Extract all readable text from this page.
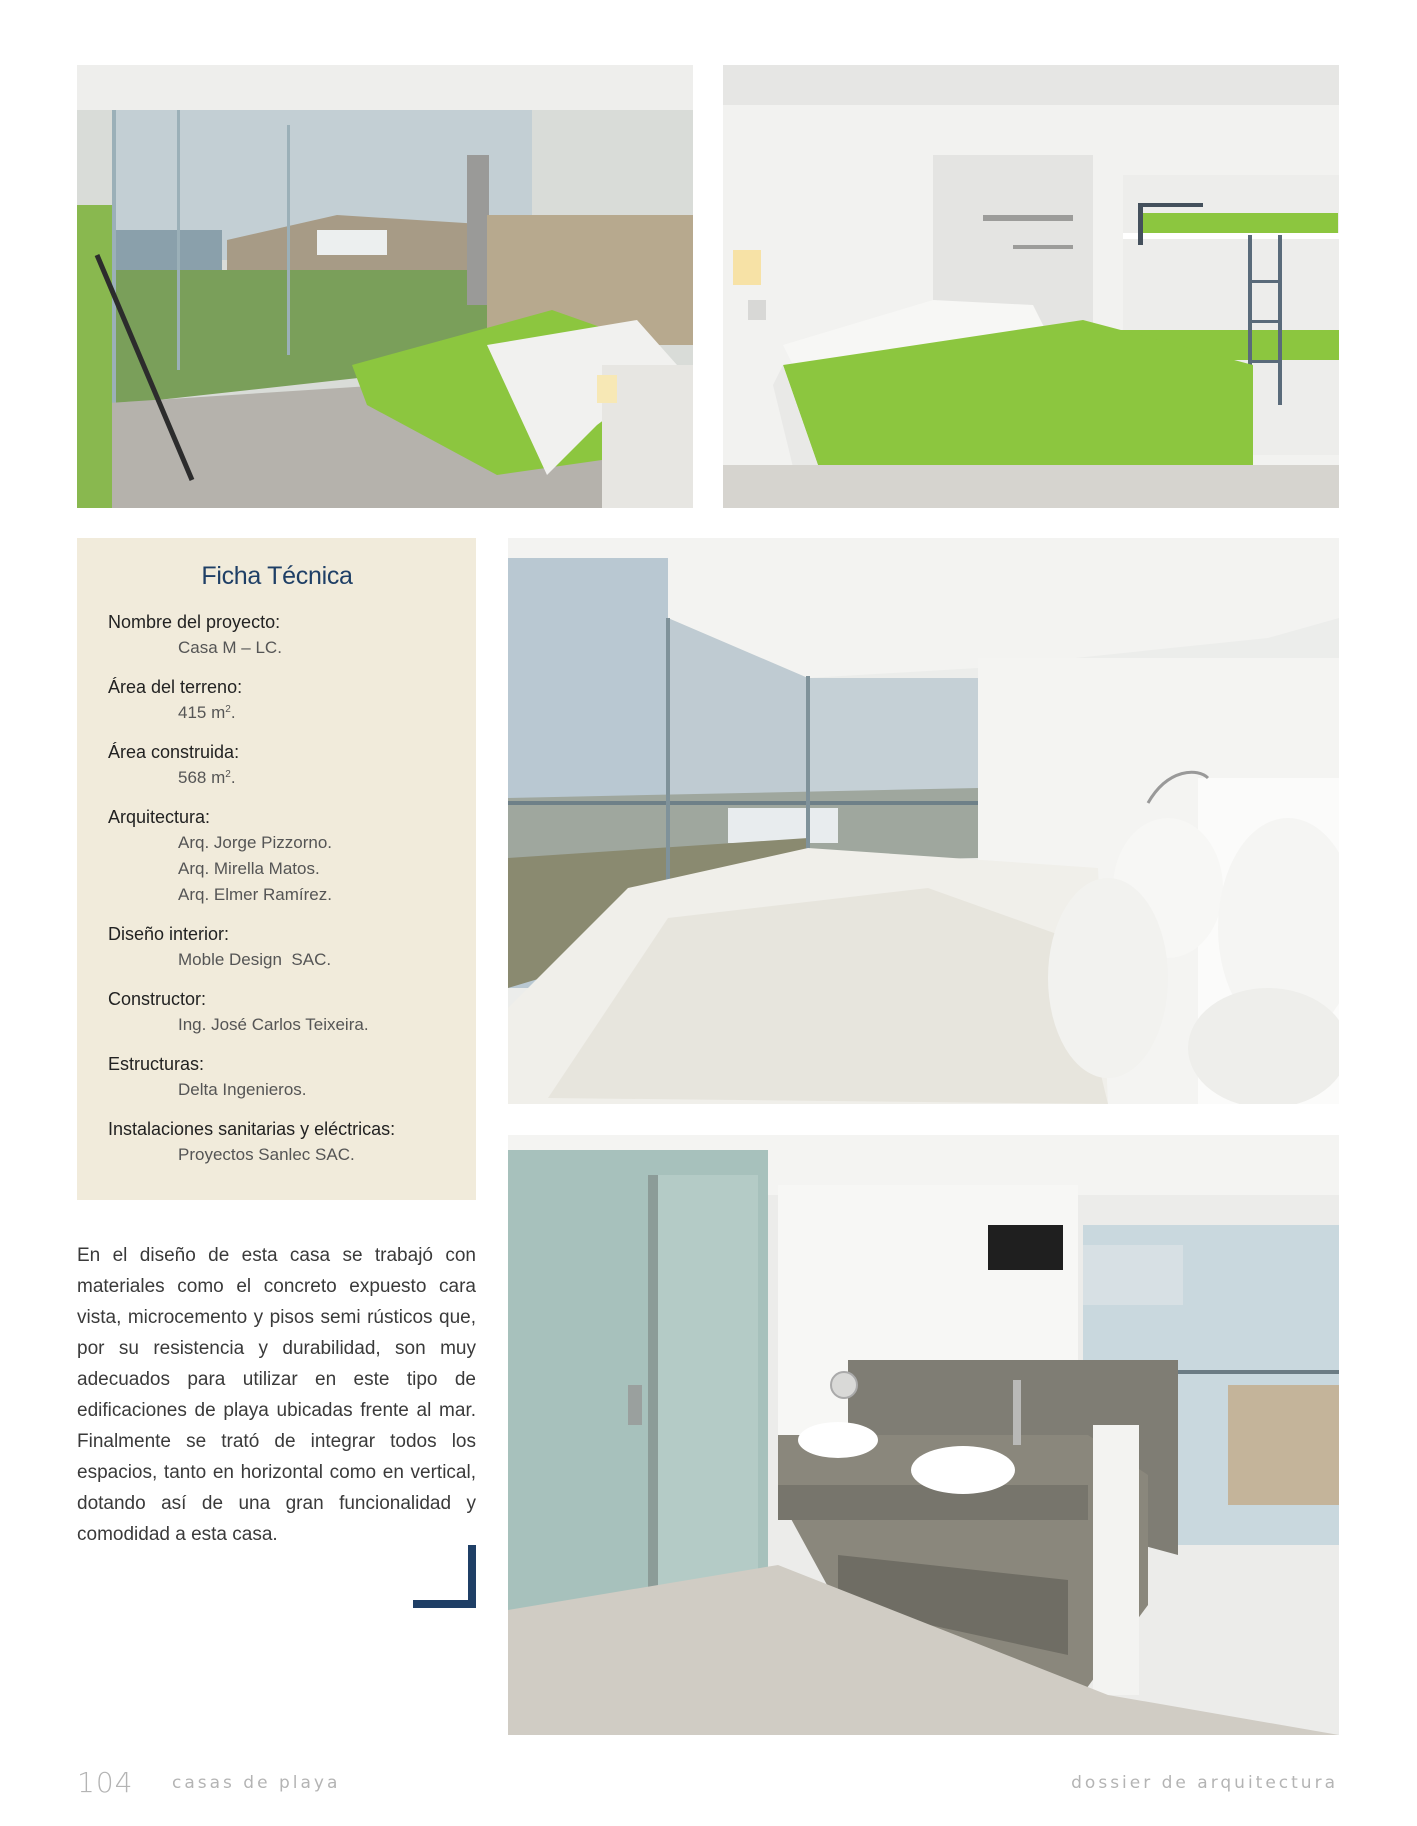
Ficha Técnica
Nombre del proyecto:
Casa M – LC.
Área del terreno:
415 $m^2$.
Área construida:
568 $m^2$.
Arquitectura:
Arq. Jorge Pizzorno.
Arq. Mirella Matos.
Arq. Elmer Ramírez.
Diseño interior:
Moble Design  SAC.
Constructor:
Ing. José Carlos Teixeira.
Estructuras:
Delta Ingenieros.
Instalaciones sanitarias y eléctricas:
Proyectos Sanlec SAC.

En el diseño de esta casa se trabajó con materiales como el concreto expuesto cara vista, microcemento y pisos semi rústicos que, por su resistencia y durabilidad, son muy adecuados para utilizar en este tipo de edificaciones de playa ubicadas frente al mar. Finalmente se trató de integrar todos los espacios, tanto en horizontal como en vertical, dotando así de una gran funcionalidad y comodidad a esta casa.

104 casas de playa	dossier de arquitectura
